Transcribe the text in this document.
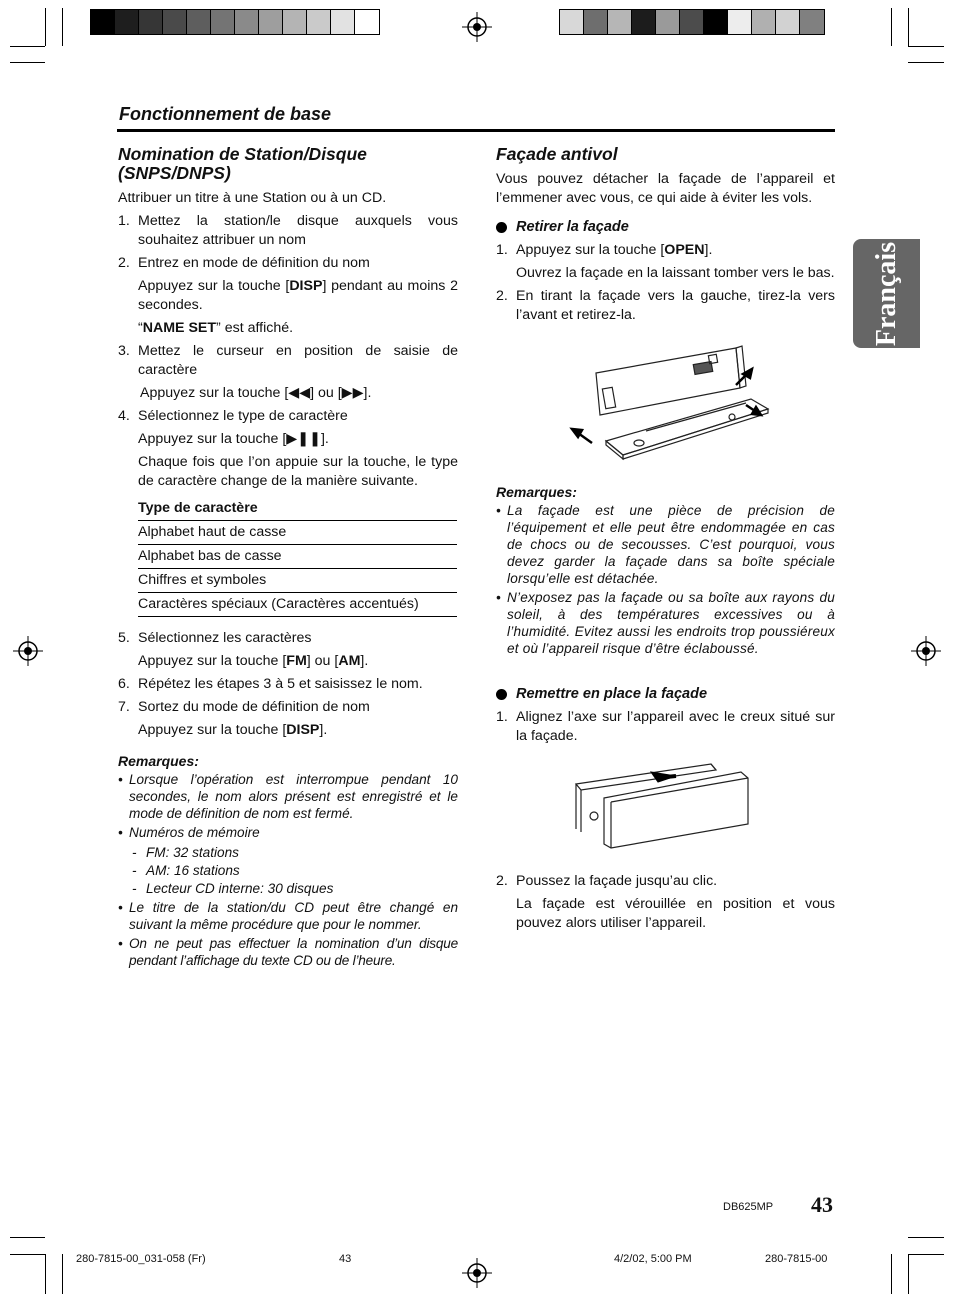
Fonctionnement de base
Français
Nomination de Station/Disque (SNPS/DNPS)

Attribuer un titre à une Station ou à un CD.

1. Mettez la station/le disque auxquels vous souhaitez attribuer un nom
2. Entrez en mode de définition du nom

Appuyez sur la touche [DISP] pendant au moins 2 secondes.

“NAME SET” est affiché.

3. Mettez le curseur en position de saisie de caractère

Appuyez sur la touche [◀◀] ou [▶▶].

4. Sélectionnez le type de caractère

Appuyez sur la touche [▶❚❚].

Chaque fois que l’on appuie sur la touche, le type de caractère change de la manière suivante.

Type de caractère
Alphabet haut de casse
Alphabet bas de casse
Chiffres et symboles
Caractères spéciaux (Caractères accentués)
5. Sélectionnez les caractères

Appuyez sur la touche [FM] ou [AM].

6. Répétez les étapes 3 à 5 et saisissez le nom.
7. Sortez du mode de définition de nom

Appuyez sur la touche [DISP].

Remarques:
• Lorsque l’opération est interrompue pendant 10 secondes, le nom alors présent est enregistré et le mode de définition de nom est fermé.
• Numéros de mémoire
- FM: 32 stations
- AM: 16 stations
- Lecteur CD interne: 30 disques
• Le titre de la station/du CD peut être changé en suivant la même procédure que pour le nommer.
• On ne peut pas effectuer la nomination d’un disque pendant l’affichage du texte CD ou de l’heure.
Façade antivol

Vous pouvez détacher la façade de l’appareil et l’emmener avec vous, ce qui aide à éviter les vols.

Retirer la façade
1. Appuyez sur la touche [OPEN].

Ouvrez la façade en la laissant tomber vers le bas.

2. En tirant la façade vers la gauche, tirez-la vers l’avant et retirez-la.
Remarques:
• La façade est une pièce de précision de l’équipement et elle peut être endommagée en cas de chocs ou de secousses. C’est pourquoi, vous devez garder la façade dans sa boîte spéciale lorsqu’elle est détachée.
• N’exposez pas la façade ou sa boîte aux rayons du soleil, à des températures excessives ou à l’humidité. Evitez aussi les endroits trop poussiéreux et où l’appareil risque d’être éclaboussé.
Remettre en place la façade
1. Alignez l’axe sur l’appareil avec le creux situé sur la façade.
2. Poussez la façade jusqu’au clic.

La façade est vérouillée en position et vous pouvez alors utiliser l’appareil.

DB625MP 43
280-7815-00_031-058 (Fr)	43	4/2/02, 5:00 PM	280-7815-00
